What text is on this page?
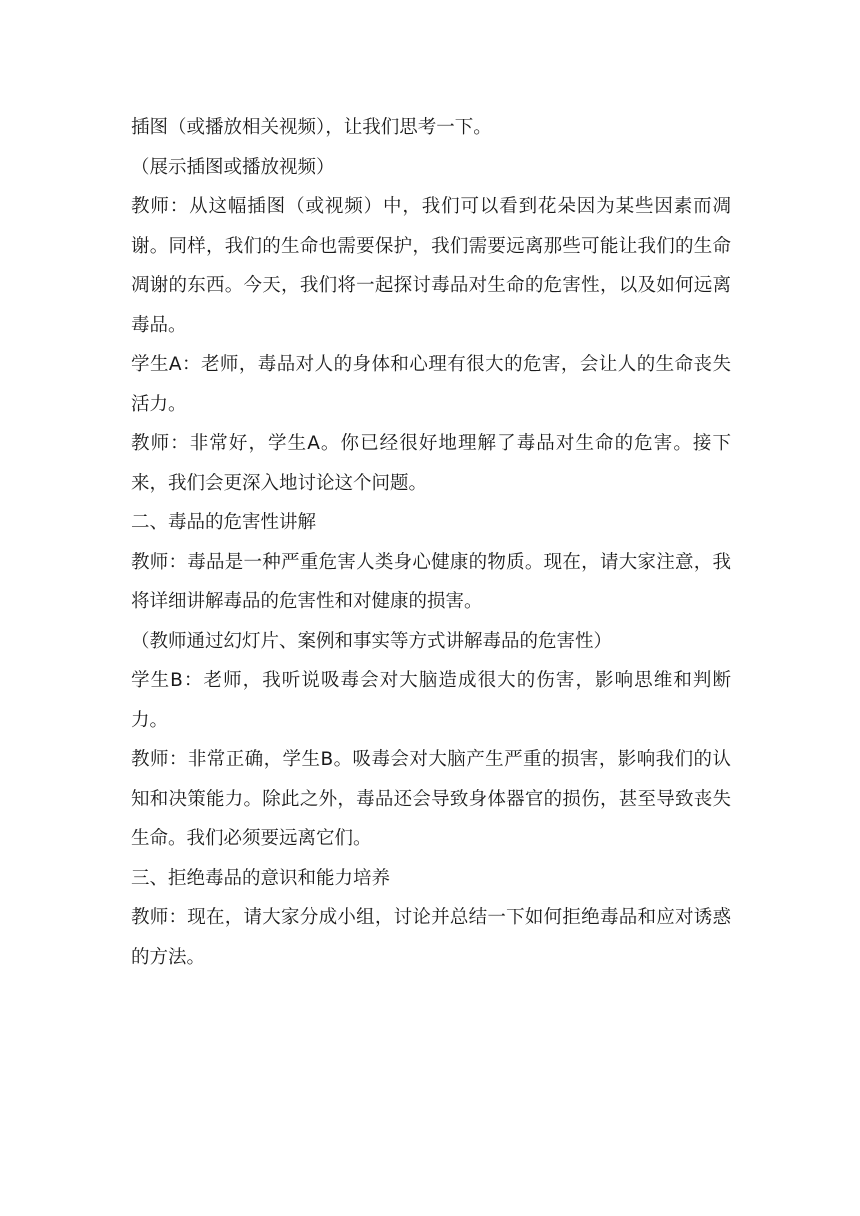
插图（或播放相关视频），让我们思考一下。

（展示插图或播放视频）

教师：从这幅插图（或视频）中，我们可以看到花朵因为某些因素而凋谢。同样，我们的生命也需要保护，我们需要远离那些可能让我们的生命凋谢的东西。今天，我们将一起探讨毒品对生命的危害性，以及如何远离毒品。

学生A：老师，毒品对人的身体和心理有很大的危害，会让人的生命丧失活力。

教师：非常好，学生A。你已经很好地理解了毒品对生命的危害。接下来，我们会更深入地讨论这个问题。

二、毒品的危害性讲解

教师：毒品是一种严重危害人类身心健康的物质。现在，请大家注意，我将详细讲解毒品的危害性和对健康的损害。

（教师通过幻灯片、案例和事实等方式讲解毒品的危害性）

学生B：老师，我听说吸毒会对大脑造成很大的伤害，影响思维和判断力。

教师：非常正确，学生B。吸毒会对大脑产生严重的损害，影响我们的认知和决策能力。除此之外，毒品还会导致身体器官的损伤，甚至导致丧失生命。我们必须要远离它们。

三、拒绝毒品的意识和能力培养

教师：现在，请大家分成小组，讨论并总结一下如何拒绝毒品和应对诱惑的方法。
